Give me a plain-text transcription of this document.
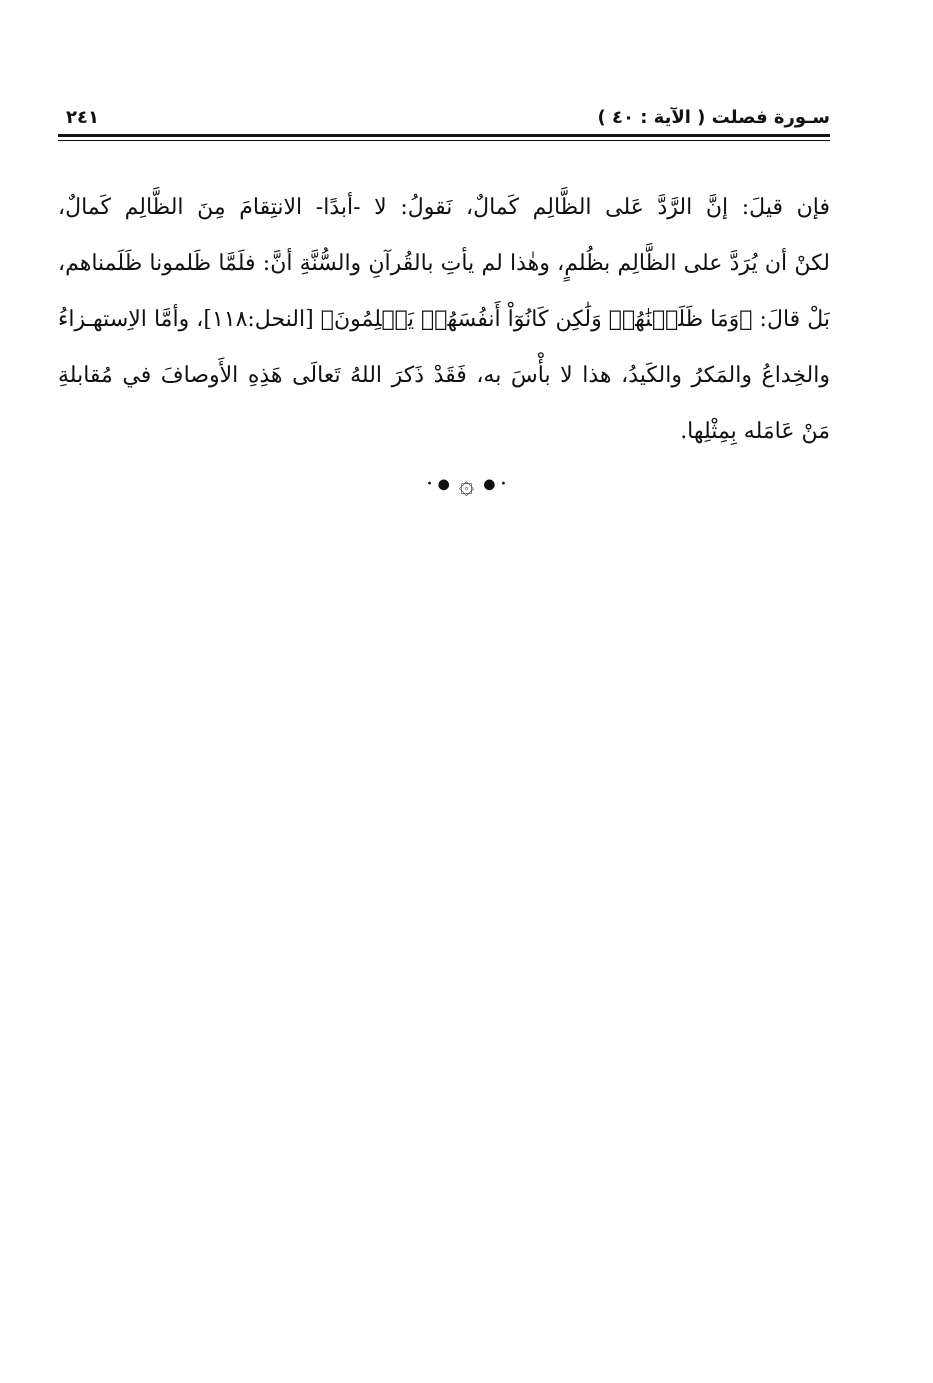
سـورة فصلت ( الآية : ٤٠ )
٢٤١
فإن قيلَ: إنَّ الرَّدَّ عَلى الظَّالِم كَمالٌ، نَقولُ: لا -أبدًا- الانتِقامَ مِنَ الظَّالِم كَمالٌ،
لكنْ أن يُرَدَّ على الظَّالِم بظُلمٍ، وهٰذا لم يأتِ بالقُرآنِ والسُّنَّةِ أنَّ: فلَمَّا ظَلمونا ظَلَمناهم،
بَلْ قالَ: ﴿وَمَا ظَلَمۡنَٰهُمۡ وَلَٰكِن كَانُوٓاْ أَنفُسَهُمۡ يَظۡلِمُونَ﴾ [النحل:١١٨]، وأمَّا الاِستهـزاءُ
والخِداعُ والمَكرُ والكَيدُ، هذا لا بأْسَ به، فَقَدْ ذَكرَ اللهُ تَعالَى هَذِهِ الأَوصافَ في مُقابلةِ
مَنْ عَامَله بِمِثْلِها.
• ● ۞ ● •
